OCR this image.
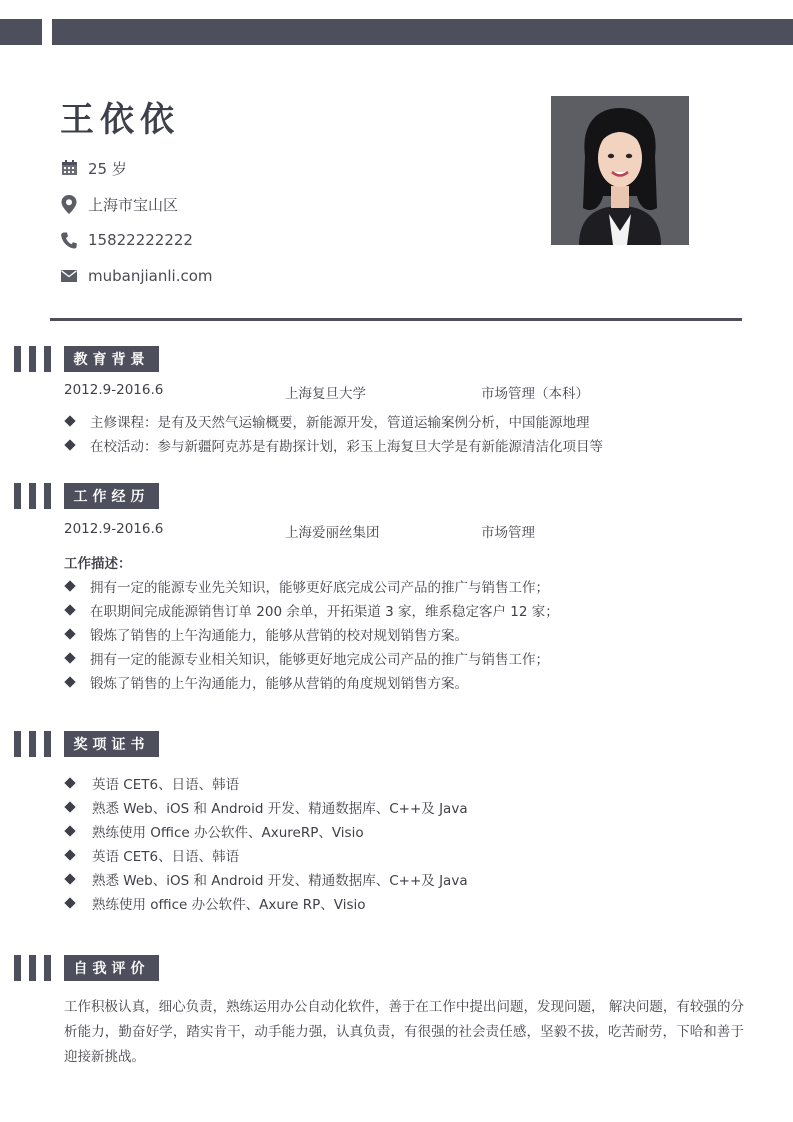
王依依
25 岁
上海市宝山区
15822222222
mubanjianli.com
教育背景
2012.9-2016.6	上海复旦大学	市场管理（本科）
主修课程：是有及天然气运输概要，新能源开发，管道运输案例分析，中国能源地理
在校活动：参与新疆阿克苏是有勘探计划，彩玉上海复旦大学是有新能源清洁化项目等
工作经历
2012.9-2016.6	上海爱丽丝集团	市场管理
工作描述：
拥有一定的能源专业先关知识，能够更好底完成公司产品的推广与销售工作；
在职期间完成能源销售订单 200 余单，开拓渠道 3 家，维系稳定客户 12 家；
锻炼了销售的上午沟通能力，能够从营销的校对规划销售方案。
拥有一定的能源专业相关知识，能够更好地完成公司产品的推广与销售工作；
锻炼了销售的上午沟通能力，能够从营销的角度规划销售方案。
奖项证书
英语 CET6、日语、韩语
熟悉 Web、iOS 和 Android 开发、精通数据库、C++及 Java
熟练使用 Office 办公软件、AxureRP、Visio
英语 CET6、日语、韩语
熟悉 Web、iOS 和 Android 开发、精通数据库、C++及 Java
熟练使用 office 办公软件、Axure RP、Visio
自我评价
工作积极认真，细心负责，熟练运用办公自动化软件，善于在工作中提出问题，发现问题， 解决问题，有较强的分析能力，勤奋好学，踏实肯干，动手能力强，认真负责，有很强的社会责任感，坚毅不拔，吃苦耐劳，下哈和善于迎接新挑战。
